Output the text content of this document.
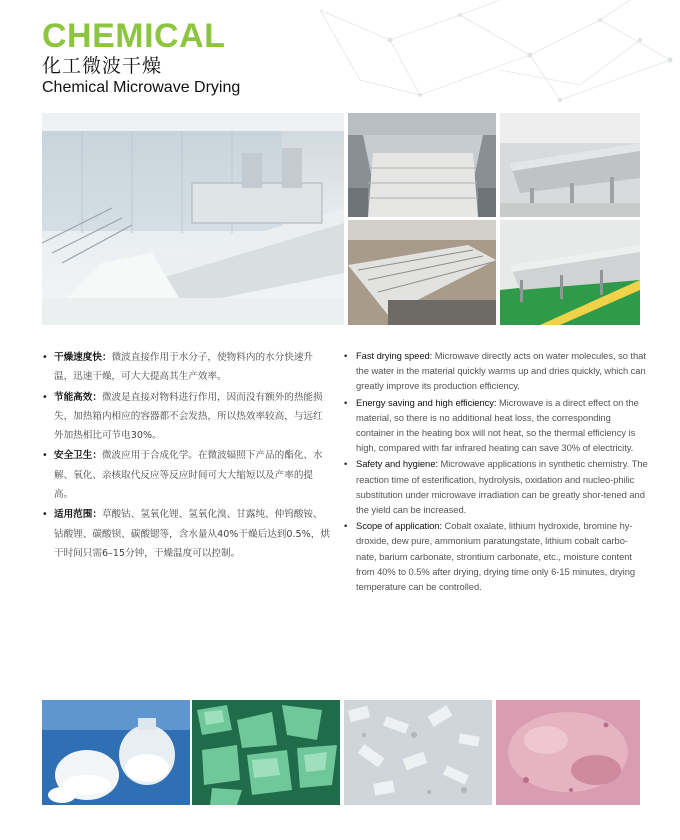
CHEMICAL
化工微波干燥
Chemical Microwave Drying
• 干燥速度快：微波直接作用于水分子，使物料内的水分快速升温，迅速干燥，可大大提高其生产效率。
• 节能高效：微波是直接对物料进行作用，因而没有额外的热能损失，加热箱内相应的容器都不会发热，所以热效率较高，与远红外加热相比可节电30%。
• 安全卫生：微波应用于合成化学。在微波辐照下产品的酯化、水解、氧化、亲核取代反应等反应时间可大大缩短以及产率的提高。
• 适用范围：草酸钴、氢氧化锂、氢氧化溴、甘露纯、仲钨酸铵、钴酸锂、碳酸钡、碳酸锶等，含水量从40%干燥后达到0.5%，烘干时间只需6–15分钟，干燥温度可以控制。
• Fast drying speed: Microwave directly acts on water molecules, so that the water in the material quickly warms up and dries quickly, which can greatly improve its production efficiency.
• Energy saving and high efficiency: Microwave is a direct effect on the material, so there is no additional heat loss, the corresponding container in the heating box will not heat, so the thermal efficiency is high, compared with far infrared heating can save 30% of electricity.
• Safety and hygiene: Microwave applications in synthetic chemistry. The reaction time of esterification, hydrolysis, oxidation and nucleo-philic substitution under microwave irradiation can be greatly shor-tened and the yield can be increased.
• Scope of application: Cobalt oxalate, lithium hydroxide, bromine hy-droxide, dew pure, ammonium paratungstate, lithium cobalt carbo-nate, barium carbonate, strontium carbonate, etc., moisture content from 40% to 0.5% after drying, drying time only 6-15 minutes, drying temperature can be controlled.
